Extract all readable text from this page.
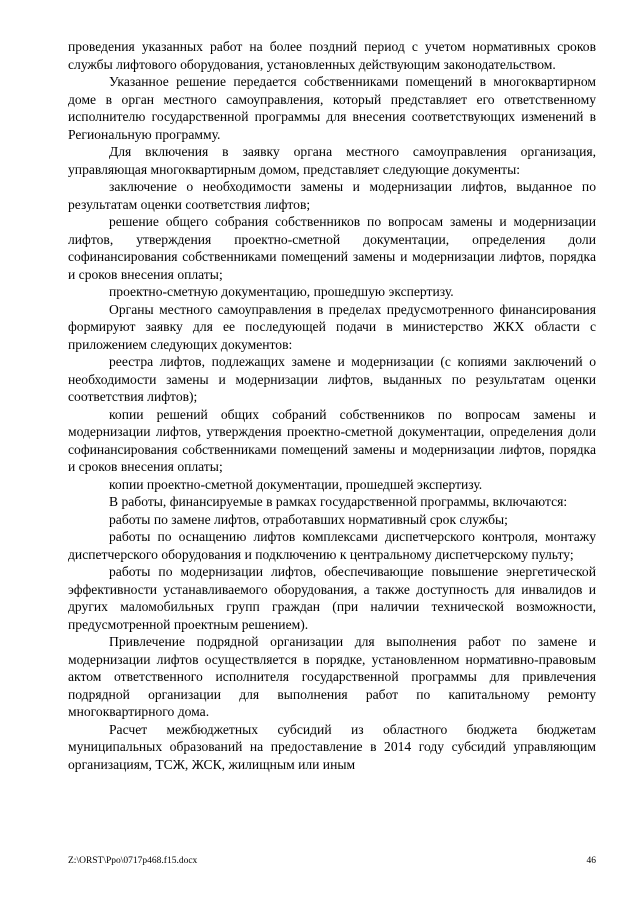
проведения указанных работ на более поздний период с учетом нормативных сроков службы лифтового оборудования, установленных действующим законодательством.

Указанное решение передается собственниками помещений в многоквартирном доме в орган местного самоуправления, который представляет его ответственному исполнителю государственной программы для внесения соответствующих изменений в Региональную программу.

Для включения в заявку органа местного самоуправления организация, управляющая многоквартирным домом, представляет следующие документы:

заключение о необходимости замены и модернизации лифтов, выданное по результатам оценки соответствия лифтов;

решение общего собрания собственников по вопросам замены и модернизации лифтов, утверждения проектно-сметной документации, определения доли софинансирования собственниками помещений замены и модернизации лифтов, порядка и сроков внесения оплаты;

проектно-сметную документацию, прошедшую экспертизу.

Органы местного самоуправления в пределах предусмотренного финансирования формируют заявку для ее последующей подачи в министерство ЖКХ области с приложением следующих документов:

реестра лифтов, подлежащих замене и модернизации (с копиями заключений о необходимости замены и модернизации лифтов, выданных по результатам оценки соответствия лифтов);

копии решений общих собраний собственников по вопросам замены и модернизации лифтов, утверждения проектно-сметной документации, определения доли софинансирования собственниками помещений замены и модернизации лифтов, порядка и сроков внесения оплаты;

копии проектно-сметной документации, прошедшей экспертизу.

В работы, финансируемые в рамках государственной программы, включаются:

работы по замене лифтов, отработавших нормативный срок службы;

работы по оснащению лифтов комплексами диспетчерского контроля, монтажу диспетчерского оборудования и подключению к центральному диспетчерскому пульту;

работы по модернизации лифтов, обеспечивающие повышение энергетической эффективности устанавливаемого оборудования, а также доступность для инвалидов и других маломобильных групп граждан (при наличии технической возможности, предусмотренной проектным решением).

Привлечение подрядной организации для выполнения работ по замене и модернизации лифтов осуществляется в порядке, установленном нормативно-правовым актом ответственного исполнителя государственной программы для привлечения подрядной организации для выполнения работ по капитальному ремонту многоквартирного дома.

Расчет межбюджетных субсидий из областного бюджета бюджетам муниципальных образований на предоставление в 2014 году субсидий управляющим организациям, ТСЖ, ЖСК, жилищным или иным

Z:\ORST\Ppo\0717p468.f15.docx	46
